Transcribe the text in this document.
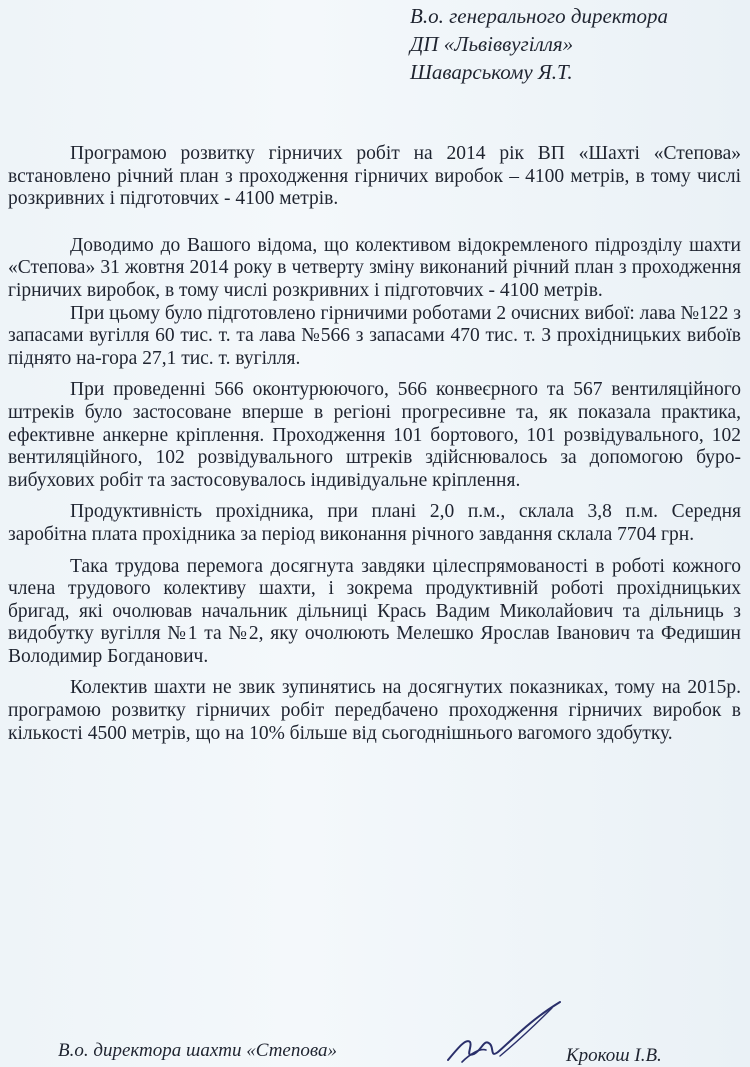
В.о. генерального директора
ДП «Львіввугілля»
Шаварському Я.Т.

Програмою розвитку гірничих робіт на 2014 рік ВП «Шахті «Степова» встановлено річний план з проходження гірничих виробок – 4100 метрів, в тому числі розкривних і підготовчих - 4100 метрів.

Доводимо до Вашого відома, що колективом відокремленого підрозділу шахти «Степова» 31 жовтня 2014 року в четверту зміну виконаний річний план з проходження гірничих виробок, в тому числі розкривних і підготовчих - 4100 метрів.

При цьому було підготовлено гірничими роботами 2 очисних вибої: лава №122 з запасами вугілля 60 тис. т. та лава №566 з запасами 470 тис. т. З прохідницьких вибоїв піднято на-гора 27,1 тис. т. вугілля.

При проведенні 566 оконтурюючого, 566 конвеєрного та 567 вентиляційного штреків було застосоване вперше в регіоні прогресивне та, як показала практика, ефективне анкерне кріплення. Проходження 101 бортового, 101 розвідувального, 102 вентиляційного, 102 розвідувального штреків здійснювалось за допомогою буро-вибухових робіт та застосовувалось індивідуальне кріплення.

Продуктивність прохідника, при плані 2,0 п.м., склала 3,8 п.м. Середня заробітна плата прохідника за період виконання річного завдання склала 7704 грн.

Така трудова перемога досягнута завдяки цілеспрямованості в роботі кожного члена трудового колективу шахти, і зокрема продуктивній роботі прохідницьких бригад, які очолював начальник дільниці Крась Вадим Миколайович та дільниць з видобутку вугілля №1 та №2, яку очолюють Мелешко Ярослав Іванович та Федишин Володимир Богданович.

Колектив шахти не звик зупинятись на досягнутих показниках, тому на 2015р. програмою розвитку гірничих робіт передбачено проходження гірничих виробок в кількості 4500 метрів, що на 10% більше від сьогоднішнього вагомого здобутку.

В.о. директора шахти «Степова»	Крокош І.В.
